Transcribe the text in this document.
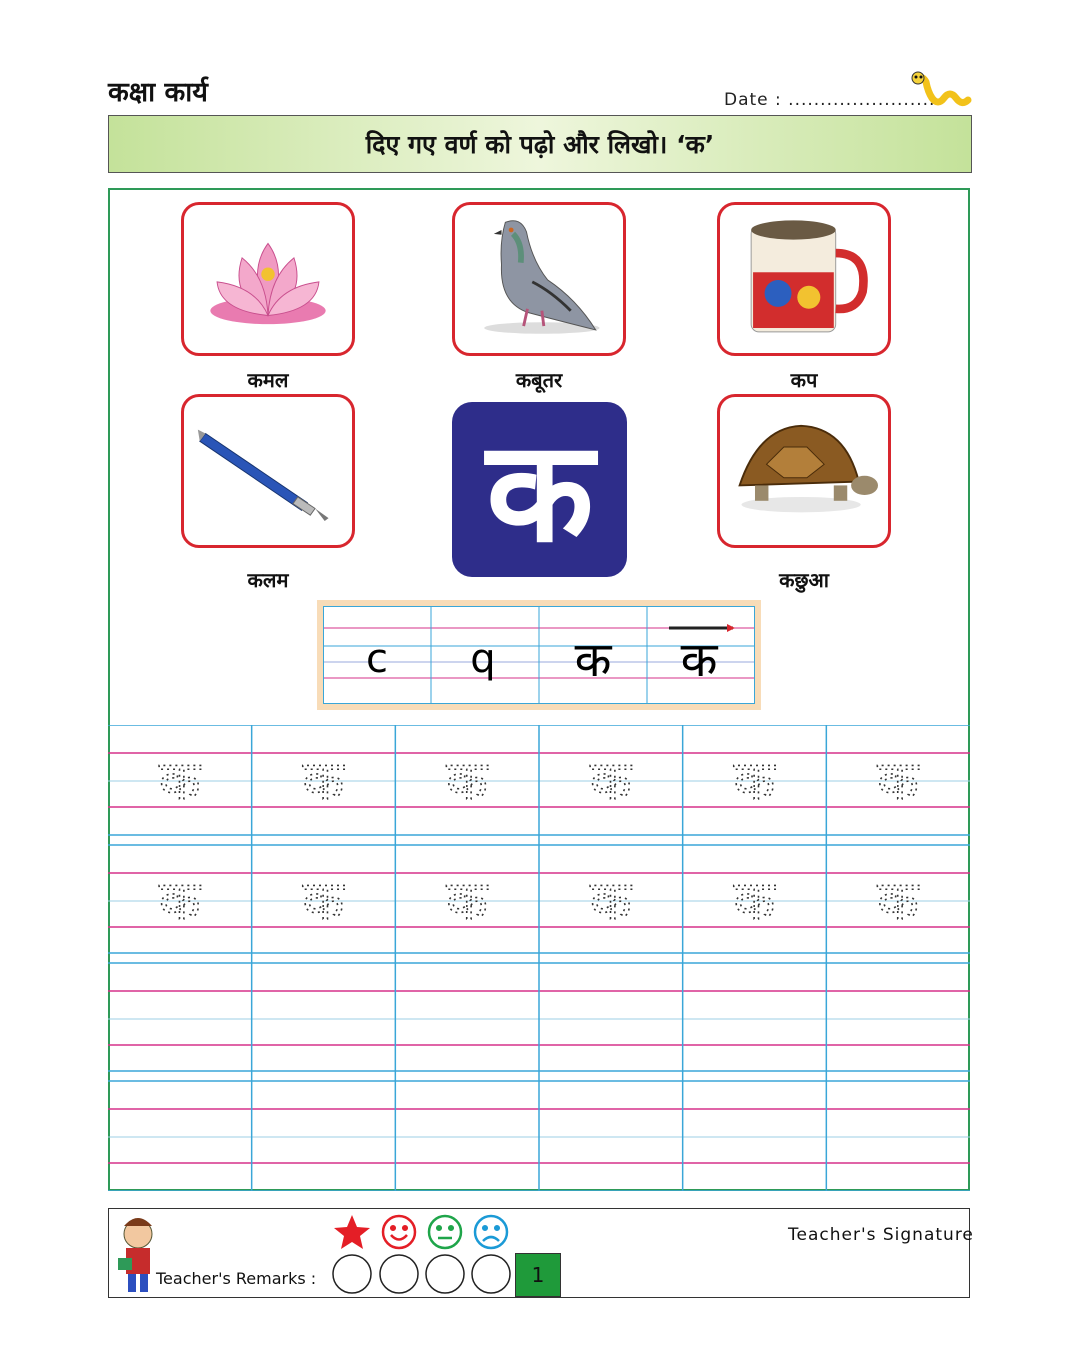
कक्षा कार्य	Date : ........................
दिए गए वर्ण को पढ़ो और लिखो। ‘क’
कमल	कबूतर	कप
कलम
क
कछुआ
c q क क
क क क क क क
क क क क क क
Teacher's Remarks :
Teacher's Signature
1
